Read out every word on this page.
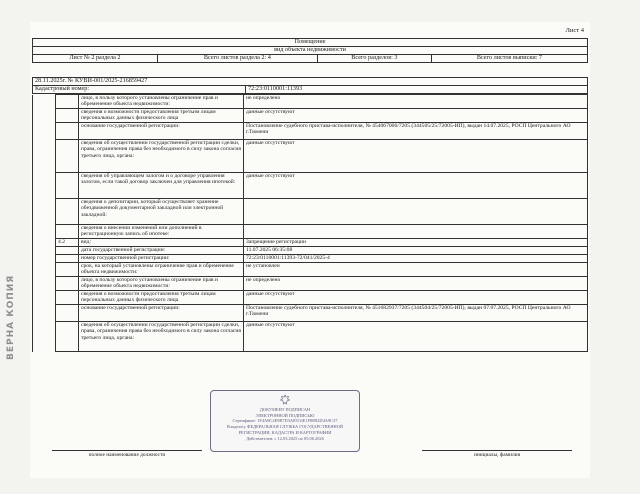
Лист 4
Помещение
вид объекта недвижимости
Лист № 2 раздела 2	Всего листов раздела 2: 4	Всего разделов: 3	Всего листов выписки: 7
28.11.2025г. № КУВИ-001/2025-216859427
Кадастровый номер:	72:23:0110001:11393
		лицо, в пользу которого установлены ограничение прав и обременение объекта недвижимости:	не определено
		сведения о возможности предоставления третьим лицам персональных данных физического лица	данные отсутствуют
		основание государственной регистрации:	Постановление судебного пристава-исполнителя, № 454067006/7205 (344505/25/72005-ИП), выдан 14.07.2025, РОСП Центрального АО г.Тюмени
		сведения об осуществлении государственной регистрации сделки, права, ограничения права без необходимого в силу закона согласия третьего лица, органа:	данные отсутствуют
		сведения об управляющем залогом и о договоре управления залогом, если такой договор заключен для управления ипотекой:	данные отсутствуют
		сведения о депозитарии, который осуществляет хранение обездвиженной документарной закладной или электронной закладной:	
		сведения о внесении изменений или дополнений в регистрационную запись об ипотеке:	
	4.2	вид:	Запрещение регистрации
		дата государственной регистрации:	11.07.2025 06:35:08
		номер государственной регистрации:	72:23:0110001:11393-72/041/2025-4
		срок, на который установлены ограничение прав и обременение объекта недвижимости:	не установлен
		лицо, в пользу которого установлены ограничение прав и обременение объекта недвижимости:	не определено
		сведения о возможности предоставления третьим лицам персональных данных физического лица	данные отсутствуют
		основание государственной регистрации:	Постановление судебного пристава-исполнителя, № 451682937/7205 (344504/25/72005-ИП), выдан 07.07.2025, РОСП Центрального АО г.Тюмени
		сведения об осуществлении государственной регистрации сделки, права, ограничения права без необходимого в силу закона согласия третьего лица, органа:	данные отсутствуют
полное наименование должности	инициалы, фамилия
ДОКУМЕНТ ПОДПИСАН
ЭЛЕКТРОННОЙ ПОДПИСЬЮ
Сертификат: 1F4A8C2E9B7D3A05C6E1F80B2D4A9C37
Владелец: ФЕДЕРАЛЬНАЯ СЛУЖБА ГОСУДАРСТВЕННОЙ
РЕГИСТРАЦИИ, КАДАСТРА И КАРТОГРАФИИ
Действителен: с 12.03.2025 по 05.06.2026
ВЕРНА КОПИЯ
